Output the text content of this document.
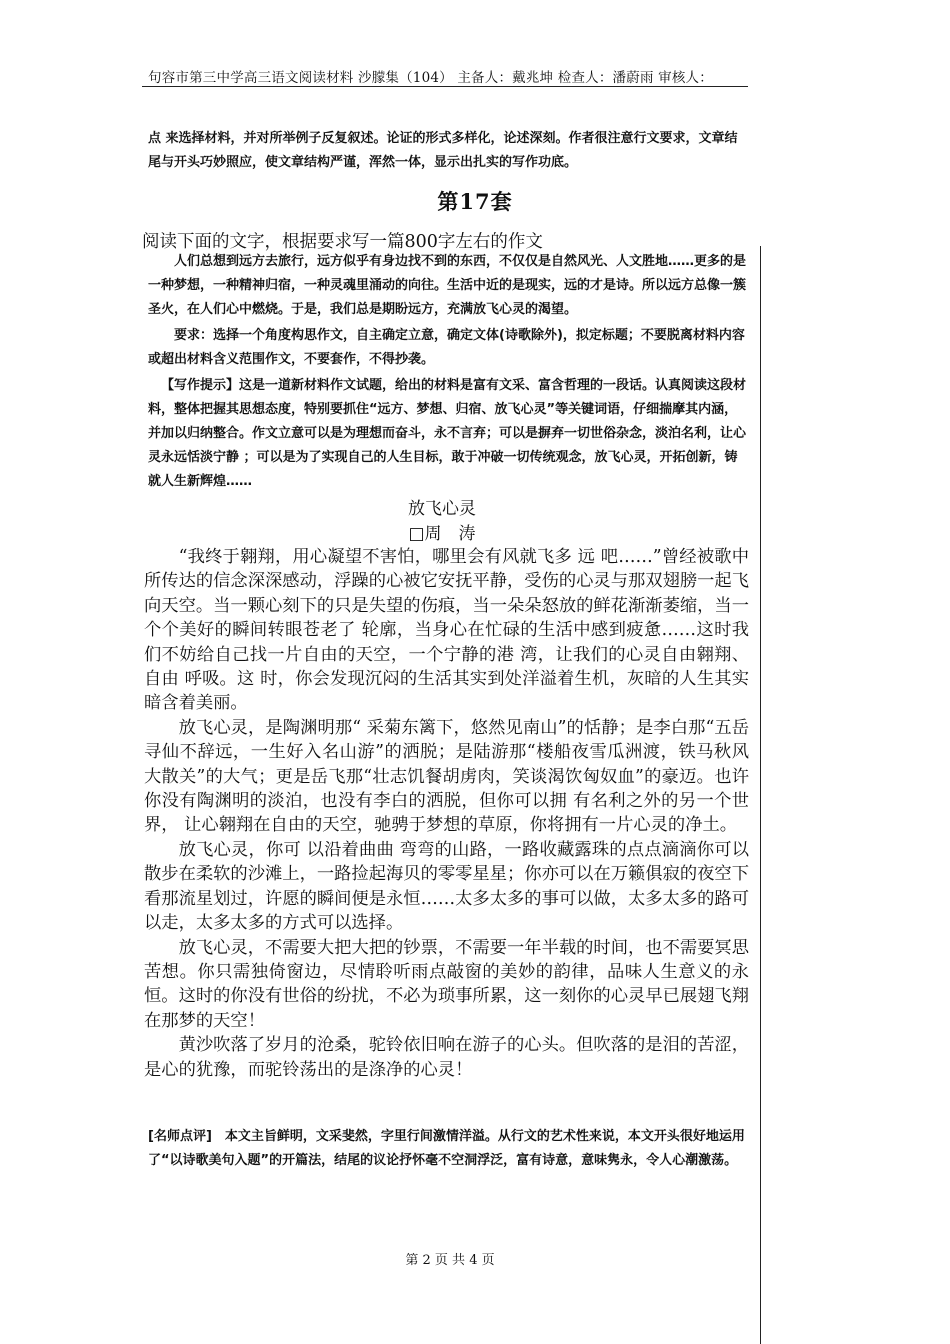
句容市第三中学高三语文阅读材料 沙朦集（104） 主备人：戴兆坤 检查人：潘蔚雨 审核人：

点 来选择材料，并对所举例子反复叙述。论证的形式多样化，论述深刻。作者很注意行文要求，文章结尾与开头巧妙照应，使文章结构严谨，浑然一体，显示出扎实的写作功底。

第17套
阅读下面的文字，根据要求写一篇800字左右的作文

人们总想到远方去旅行，远方似乎有身边找不到的东西，不仅仅是自然风光、人文胜地……更多的是一种梦想，一种精神归宿，一种灵魂里涌动的向往。生活中近的是现实，远的才是诗。所以远方总像一簇圣火，在人们心中燃烧。于是，我们总是期盼远方，充满放飞心灵的渴望。

要求：选择一个角度构思作文，自主确定立意，确定文体(诗歌除外)，拟定标题；不要脱离材料内容或超出材料含义范围作文，不要套作，不得抄袭。

【写作提示】这是一道新材料作文试题，给出的材料是富有文采、富含哲理的一段话。认真阅读这段材料，整体把握其思想态度，特别要抓住“远方、梦想、归宿、放飞心灵”等关键词语，仔细揣摩其内涵，并加以归纳整合。作文立意可以是为理想而奋斗，永不言弃；可以是摒弃一切世俗杂念，淡泊名利，让心灵永远恬淡宁静 ；可以是为了实现自己的人生目标，敢于冲破一切传统观念，放飞心灵，开拓创新，铸就人生新辉煌……

放飞心灵
□周　涛

“我终于翱翔，用心凝望不害怕，哪里会有风就飞多 远 吧……”曾经被歌中所传达的信念深深感动，浮躁的心被它安抚平静，受伤的心灵与那双翅膀一起飞向天空。当一颗心刻下的只是失望的伤痕，当一朵朵怒放的鲜花渐渐萎缩，当一个个美好的瞬间转眼苍老了 轮廓，当身心在忙碌的生活中感到疲惫……这时我们不妨给自己找一片自由的天空，一个宁静的港 湾，让我们的心灵自由翱翔、自由 呼吸。这 时，你会发现沉闷的生活其实到处洋溢着生机，灰暗的人生其实暗含着美丽。

放飞心灵，是陶渊明那“ 采菊东篱下，悠然见南山”的恬静；是李白那“五岳寻仙不辞远，一生好入名山游”的洒脱；是陆游那“楼船夜雪瓜洲渡，铁马秋风大散关”的大气；更是岳飞那“壮志饥餐胡虏肉，笑谈渴饮匈奴血”的豪迈。也许你没有陶渊明的淡泊，也没有李白的洒脱，但你可以拥 有名利之外的另一个世界， 让心翱翔在自由的天空，驰骋于梦想的草原，你将拥有一片心灵的净土。

放飞心灵，你可 以沿着曲曲 弯弯的山路，一路收藏露珠的点点滴滴你可以散步在柔软的沙滩上，一路捡起海贝的零零星星；你亦可以在万籁俱寂的夜空下看那流星划过，许愿的瞬间便是永恒……太多太多的事可以做，太多太多的路可以走，太多太多的方式可以选择。

放飞心灵，不需要大把大把的钞票，不需要一年半载的时间，也不需要冥思苦想。你只需独倚窗边，尽情聆听雨点敲窗的美妙的韵律，品味人生意义的永恒。这时的你没有世俗的纷扰，不必为琐事所累，这一刻你的心灵早已展翅飞翔在那梦的天空！

黄沙吹落了岁月的沧桑，驼铃依旧响在游子的心头。但吹落的是泪的苦涩，是心的犹豫，而驼铃荡出的是涤净的心灵！

[名师点评]　本文主旨鲜明，文采斐然，字里行间激情洋溢。从行文的艺术性来说，本文开头很好地运用了“以诗歌美句入题”的开篇法，结尾的议论抒怀毫不空洞浮泛，富有诗意，意味隽永，令人心潮激荡。

第 2 页 共 4 页
